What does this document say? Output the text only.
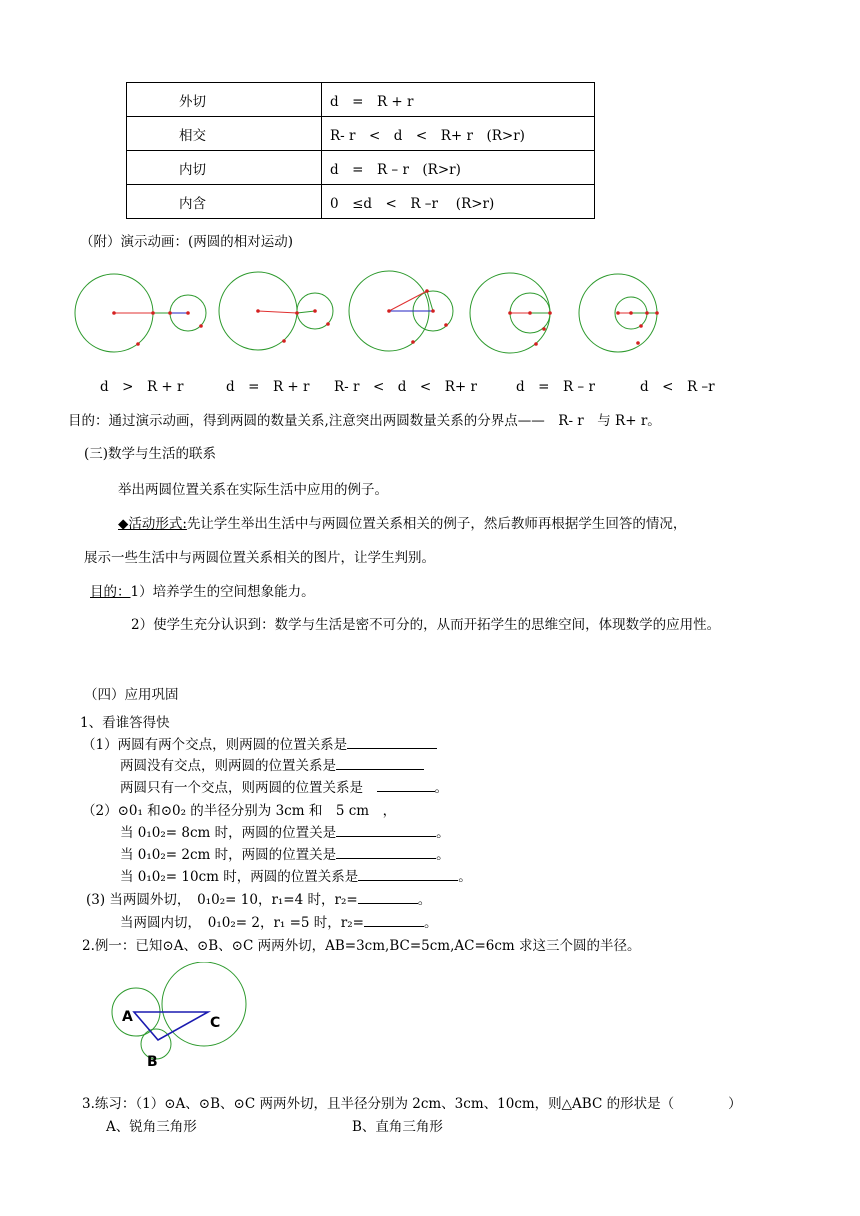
外切	d　=　R + r
相交	R- r　<　d　<　R+ r　(R>r)
内切	d　=　R – r　(R>r)
内含	0　≤d　<　R –r　 (R>r)
（附）演示动画：(两圆的相对运动)
d　>　R + r	d　=　R + r R- r　<　d　<　R+ r	d　=　R – r	d　<　R –r
目的：通过演示动画，得到两圆的数量关系,注意突出两圆数量关系的分界点——　R- r　与 R+ r。
(三)数学与生活的联系
举出两圆位置关系在实际生活中应用的例子。
◆活动形式:先让学生举出生活中与两圆位置关系相关的例子，然后教师再根据学生回答的情况，
展示一些生活中与两圆位置关系相关的图片，让学生判别。
目的：1）培养学生的空间想象能力。
2）使学生充分认识到：数学与生活是密不可分的，从而开拓学生的思维空间，体现数学的应用性。
（四）应用巩固
1、看谁答得快
（1）两圆有两个交点，则两圆的位置关系是
两圆没有交点，则两圆的位置关系是
两圆只有一个交点，则两圆的位置关系是　	。
（2）⊙0₁ 和⊙0₂ 的半径分别为 3cm 和　5 cm　，
当 0₁0₂= 8cm 时，两圆的位置关是	。
当 0₁0₂= 2cm 时，两圆的位置关是	。
当 0₁0₂= 10cm 时，两圆的位置关系是	。
(3) 当两圆外切，　0₁0₂= 10，r₁=4 时，r₂=	。
当两圆内切，　0₁0₂= 2，r₁ =5 时，r₂=	。
2.例一：已知⊙A、⊙B、⊙C 两两外切，AB=3cm,BC=5cm,AC=6cm 求这三个圆的半径。
A	C
B
3.练习：（1）⊙A、⊙B、⊙C 两两外切，且半径分别为 2cm、3cm、10cm，则△ABC 的形状是（　　　　）
A、锐角三角形	B、直角三角形
